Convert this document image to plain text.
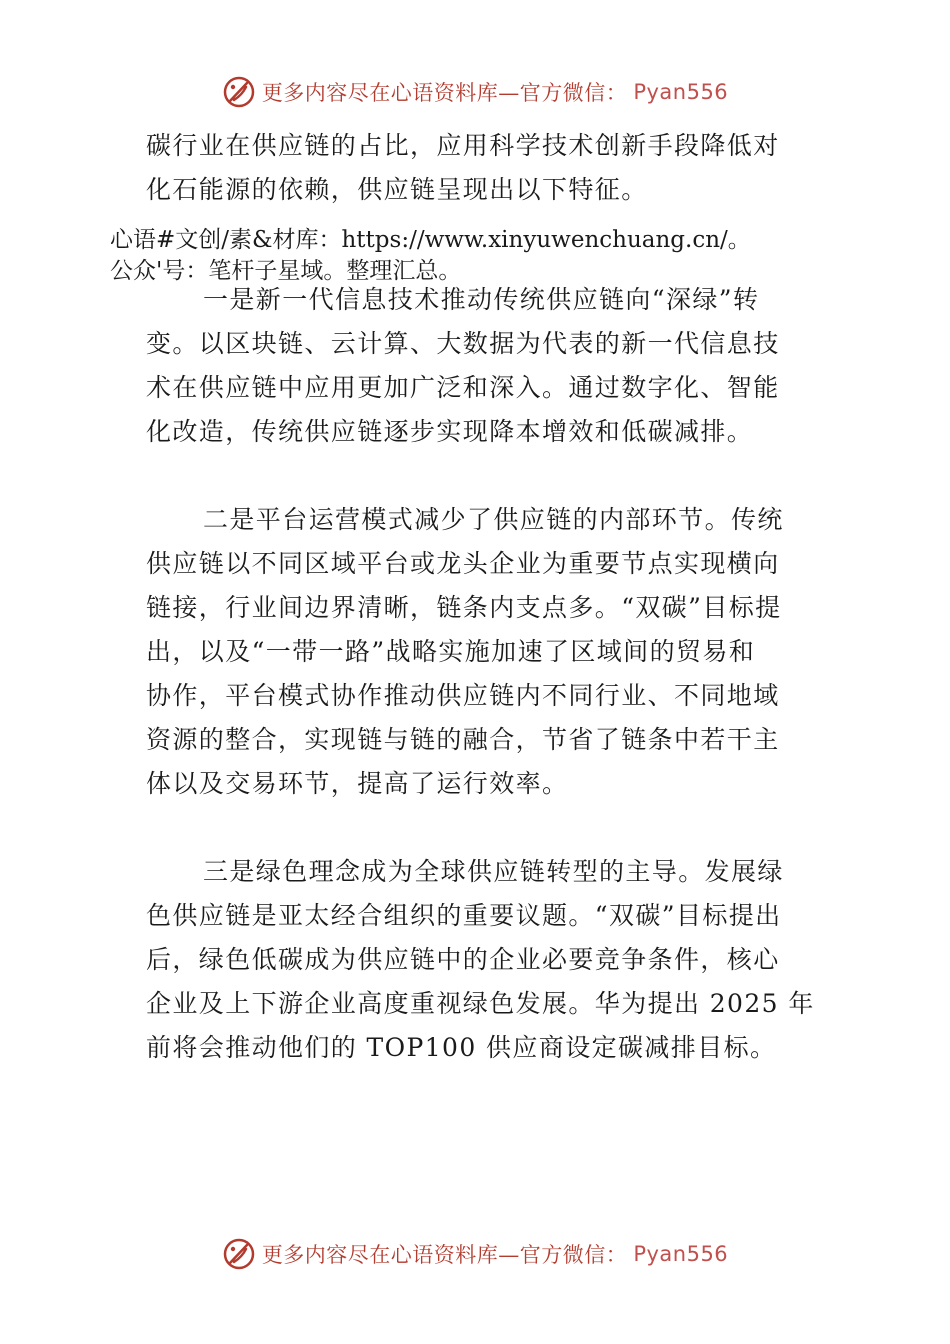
更多内容尽在心语资料库—官方微信： Pyan556
碳行业在供应链的占比，应用科学技术创新手段降低对
化石能源的依赖，供应链呈现出以下特征。
心语#文创/素&材库：https://www.xinyuwenchuang.cn/。
公众'号：笔杆子星域。整理汇总。
一是新一代信息技术推动传统供应链向“深绿”转
变。以区块链、云计算、大数据为代表的新一代信息技
术在供应链中应用更加广泛和深入。通过数字化、智能
化改造，传统供应链逐步实现降本增效和低碳减排。
二是平台运营模式减少了供应链的内部环节。传统
供应链以不同区域平台或龙头企业为重要节点实现横向
链接，行业间边界清晰，链条内支点多。“双碳”目标提
出，以及“一带一路”战略实施加速了区域间的贸易和
协作，平台模式协作推动供应链内不同行业、不同地域
资源的整合，实现链与链的融合，节省了链条中若干主
体以及交易环节，提高了运行效率。
三是绿色理念成为全球供应链转型的主导。发展绿
色供应链是亚太经合组织的重要议题。“双碳”目标提出
后，绿色低碳成为供应链中的企业必要竞争条件，核心
企业及上下游企业高度重视绿色发展。华为提出 2025 年
前将会推动他们的 TOP100 供应商设定碳减排目标。
更多内容尽在心语资料库—官方微信： Pyan556
